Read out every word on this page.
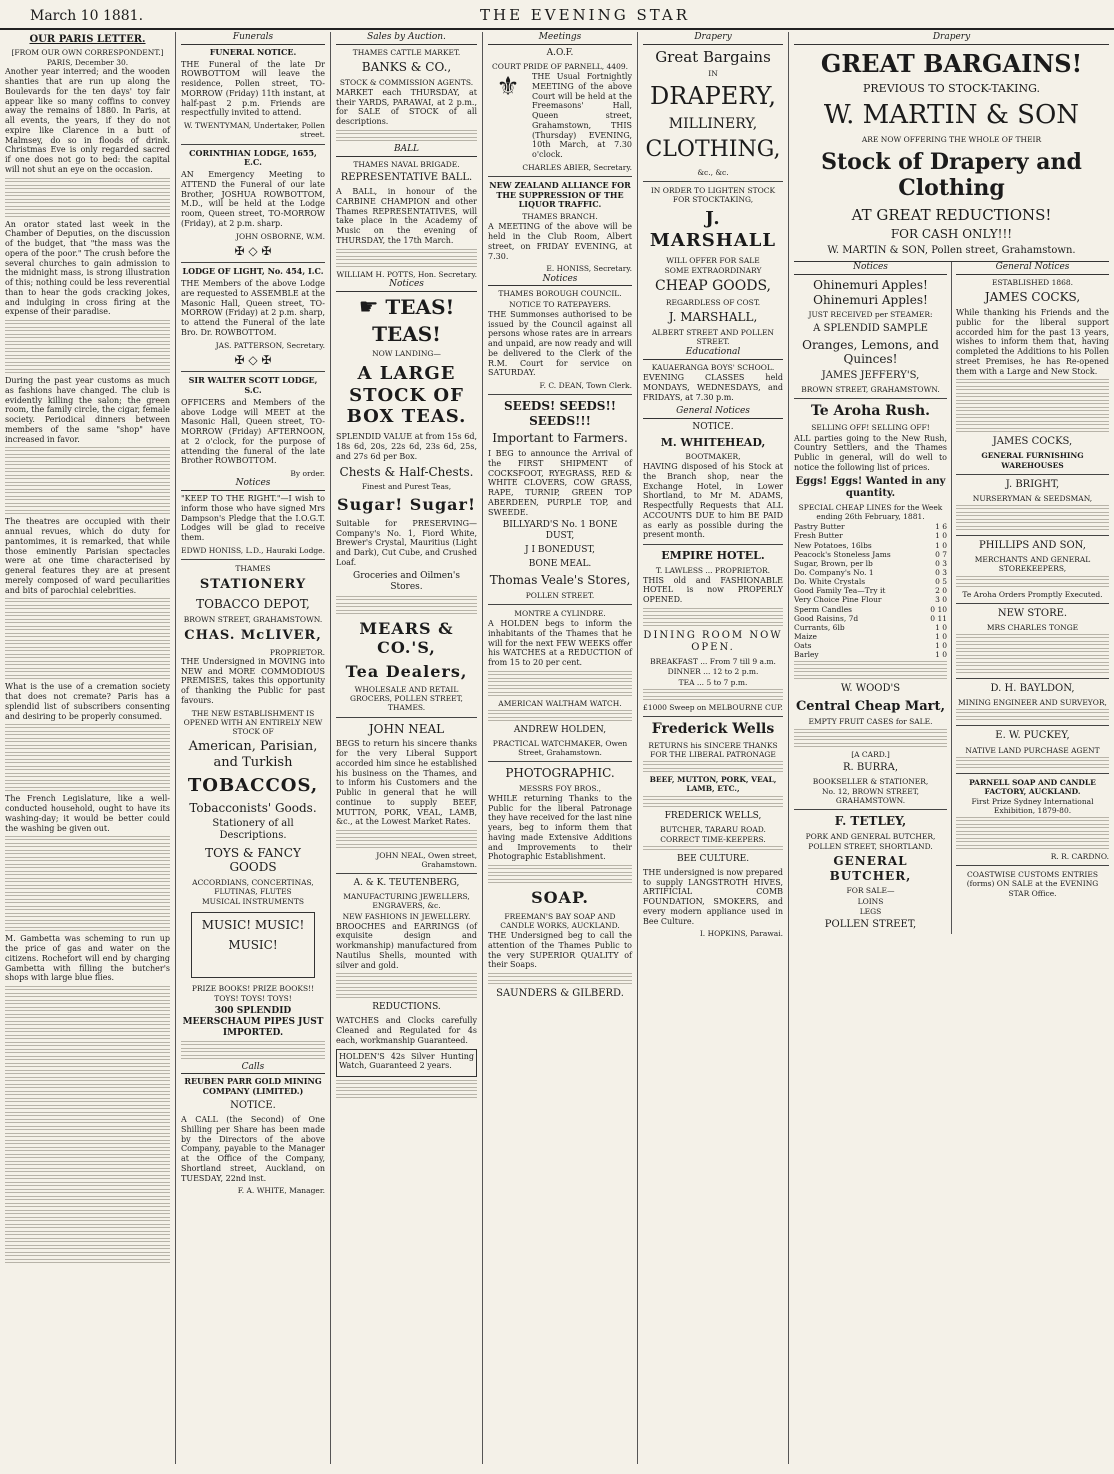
March 10 1881.	THE EVENING STAR
OUR PARIS LETTER.
[FROM OUR OWN CORRESPONDENT.]
PARIS, December 30.

Another year interred; and the wooden shanties that are run up along the Boulevards for the ten days' toy fair appear like so many coffins to convey away the remains of 1880. In Paris, at all events, the years, if they do not expire like Clarence in a butt of Malmsey, do so in floods of drink. Christmas Eve is only regarded sacred if one does not go to bed: the capital will not shut an eye on the occasion.

An orator stated last week in the Chamber of Deputies, on the discussion of the budget, that "the mass was the opera of the poor." The crush before the several churches to gain admission to the midnight mass, is strong illustration of this; nothing could be less reverential than to hear the gods cracking jokes, and indulging in cross firing at the expense of their paradise.

During the past year customs as much as fashions have changed. The club is evidently killing the salon; the green room, the family circle, the cigar, female society. Periodical dinners between members of the same "shop" have increased in favor.

The theatres are occupied with their annual revues, which do duty for pantomimes, it is remarked, that while those eminently Parisian spectacles were at one time characterised by general features they are at present merely composed of ward peculiarities and bits of parochial celebrities.

What is the use of a cremation society that does not cremate? Paris has a splendid list of subscribers consenting and desiring to be properly consumed.

The French Legislature, like a well-conducted household, ought to have its washing-day; it would be better could the washing be given out.

M. Gambetta was scheming to run up the price of gas and water on the citizens. Rochefort will end by charging Gambetta with filling the butcher's shops with large blue flies.

Funerals
FUNERAL NOTICE.

THE Funeral of the late Dr ROWBOTTOM will leave the residence, Pollen street, TO-MORROW (Friday) 11th instant, at half-past 2 p.m. Friends are respectfully invited to attend.

W. TWENTYMAN, Undertaker, Pollen street.
CORINTHIAN LODGE, 1655, E.C.

AN Emergency Meeting to ATTEND the Funeral of our late Brother, JOSHUA ROWBOTTOM, M.D., will be held at the Lodge room, Queen street, TO-MORROW (Friday), at 2 p.m. sharp.

JOHN OSBORNE, W.M.
✠ ◇ ✠
LODGE OF LIGHT, No. 454, I.C.

THE Members of the above Lodge are requested to ASSEMBLE at the Masonic Hall, Queen street, TO-MORROW (Friday) at 2 p.m. sharp, to attend the Funeral of the late Bro. Dr. ROWBOTTOM.

JAS. PATTERSON, Secretary.
✠ ◇ ✠
SIR WALTER SCOTT LODGE, S.C.

OFFICERS and Members of the above Lodge will MEET at the Masonic Hall, Queen street, TO-MORROW (Friday) AFTERNOON, at 2 o'clock, for the purpose of attending the funeral of the late Brother ROWBOTTOM.

By order.
Notices

"KEEP TO THE RIGHT."—I wish to inform those who have signed Mrs Dampson's Pledge that the I.O.G.T. Lodges will be glad to receive them.

EDWD HONISS, L.D., Hauraki Lodge.
THAMES
STATIONERY
TOBACCO DEPOT,
BROWN STREET, GRAHAMSTOWN.
CHAS. McLIVER,
PROPRIETOR.

THE Undersigned in MOVING into NEW and MORE COMMODIOUS PREMISES, takes this opportunity of thanking the Public for past favours.

THE NEW ESTABLISHMENT IS OPENED WITH AN ENTIRELY NEW STOCK OF
American, Parisian, and Turkish
TOBACCOS,
Tobacconists' Goods.
Stationery of all Descriptions.
TOYS & FANCY GOODS
ACCORDIANS, CONCERTINAS, FLUTINAS, FLUTES
MUSICAL INSTRUMENTS
MUSIC! MUSIC! MUSIC!
PRIZE BOOKS! PRIZE BOOKS!!
TOYS! TOYS! TOYS!
300 SPLENDID MEERSCHAUM PIPES JUST IMPORTED.
Calls
REUBEN PARR GOLD MINING COMPANY (LIMITED.)
NOTICE.

A CALL (the Second) of One Shilling per Share has been made by the Directors of the above Company, payable to the Manager at the Office of the Company, Shortland street, Auckland, on TUESDAY, 22nd inst.

F. A. WHITE, Manager.
Sales by Auction.
THAMES CATTLE MARKET.
BANKS & CO.,
STOCK & COMMISSION AGENTS.

MARKET each THURSDAY, at their YARDS, PARAWAI, at 2 p.m., for SALE of STOCK of all descriptions.

BALL
THAMES NAVAL BRIGADE.
REPRESENTATIVE BALL.

A BALL, in honour of the CARBINE CHAMPION and other Thames REPRESENTATIVES, will take place in the Academy of Music on the evening of THURSDAY, the 17th March.

WILLIAM H. POTTS, Hon. Secretary.
Notices
☛ TEAS! TEAS!
NOW LANDING—
A LARGE STOCK OF BOX TEAS.

SPLENDID VALUE at from 15s 6d, 18s 6d, 20s, 22s 6d, 23s 6d, 25s, and 27s 6d per Box.

Chests & Half-Chests.
Finest and Purest Teas,
Sugar! Sugar!

Suitable for PRESERVING—Company's No. 1, Fiord White, Brewer's Crystal, Mauritius (Light and Dark), Cut Cube, and Crushed Loaf.

Groceries and Oilmen's Stores.
MEARS & CO.'S,
Tea Dealers,
WHOLESALE AND RETAIL GROCERS, POLLEN STREET, THAMES.
JOHN NEAL

BEGS to return his sincere thanks for the very Liberal Support accorded him since he established his business on the Thames, and to inform his Customers and the Public in general that he will continue to supply BEEF, MUTTON, PORK, VEAL, LAMB, &c., at the Lowest Market Rates.

JOHN NEAL, Owen street, Grahamstown.
A. & K. TEUTENBERG,
MANUFACTURING JEWELLERS, ENGRAVERS, &c.
NEW FASHIONS IN JEWELLERY.

BROOCHES and EARRINGS (of exquisite design and workmanship) manufactured from Nautilus Shells, mounted with silver and gold.

REDUCTIONS.

WATCHES and Clocks carefully Cleaned and Regulated for 4s each, workmanship Guaranteed.

HOLDEN'S 42s Silver Hunting Watch, Guaranteed 2 years.

Meetings
A.O.F.
COURT PRIDE OF PARNELL, 4409.
⚜	THE Usual Fortnightly MEETING of the above Court will be held at the Freemasons' Hall, Queen street, Grahamstown, THIS (Thursday) EVENING, 10th March, at 7.30 o'clock.

CHARLES ABIER, Secretary.
NEW ZEALAND ALLIANCE FOR THE SUPPRESSION OF THE LIQUOR TRAFFIC.
THAMES BRANCH.

A MEETING of the above will be held in the Club Room, Albert street, on FRIDAY EVENING, at 7.30.

E. HONISS, Secretary.
Notices
THAMES BOROUGH COUNCIL.
NOTICE TO RATEPAYERS.

THE Summonses authorised to be issued by the Council against all persons whose rates are in arrears and unpaid, are now ready and will be delivered to the Clerk of the R.M. Court for service on SATURDAY.

F. C. DEAN, Town Clerk.
SEEDS! SEEDS!! SEEDS!!!
Important to Farmers.

I BEG to announce the Arrival of the FIRST SHIPMENT of COCKSFOOT, RYEGRASS, RED & WHITE CLOVERS, COW GRASS, RAPE, TURNIP, GREEN TOP ABERDEEN, PURPLE TOP, and SWEEDE.

BILLYARD'S No. 1 BONE DUST,
J I BONEDUST,
BONE MEAL.
Thomas Veale's Stores,
POLLEN STREET.
MONTRE A CYLINDRE.

A HOLDEN begs to inform the inhabitants of the Thames that he will for the next FEW WEEKS offer his WATCHES at a REDUCTION of from 15 to 20 per cent.

AMERICAN WALTHAM WATCH.
ANDREW HOLDEN,
PRACTICAL WATCHMAKER, Owen Street, Grahamstown.
PHOTOGRAPHIC.
MESSRS FOY BROS.,

WHILE returning Thanks to the Public for the liberal Patronage they have received for the last nine years, beg to inform them that having made Extensive Additions and Improvements to their Photographic Establishment.

SOAP.
FREEMAN'S BAY SOAP AND CANDLE WORKS, AUCKLAND.

THE Undersigned beg to call the attention of the Thames Public to the very SUPERIOR QUALITY of their Soaps.

SAUNDERS & GILBERD.
Drapery
Great Bargains
IN
DRAPERY,
MILLINERY,
CLOTHING,
&c., &c.
IN ORDER TO LIGHTEN STOCK FOR STOCKTAKING,
J. MARSHALL
WILL OFFER FOR SALE
SOME EXTRAORDINARY
CHEAP GOODS,
REGARDLESS OF COST.
J. MARSHALL,
ALBERT STREET AND POLLEN STREET.
Educational
KAUAERANGA BOYS' SCHOOL.

EVENING CLASSES held MONDAYS, WEDNESDAYS, and FRIDAYS, at 7.30 p.m.

General Notices
NOTICE.
M. WHITEHEAD,
BOOTMAKER,

HAVING disposed of his Stock at the Branch shop, near the Exchange Hotel, in Lower Shortland, to Mr M. ADAMS, Respectfully Requests that ALL ACCOUNTS DUE to him BE PAID as early as possible during the present month.

EMPIRE HOTEL.
T. LAWLESS ... PROPRIETOR.

THIS old and FASHIONABLE HOTEL is now PROPERLY OPENED.

DINING ROOM NOW OPEN.
BREAKFAST ... From 7 till 9 a.m.
DINNER ... 12 to 2 p.m.
TEA ... 5 to 7 p.m.
£1000 Sweep on MELBOURNE CUP.
Frederick Wells
RETURNS his SINCERE THANKS FOR THE LIBERAL PATRONAGE
BEEF, MUTTON, PORK, VEAL, LAMB, ETC.,
FREDERICK WELLS,
BUTCHER, TARARU ROAD.
CORRECT TIME-KEEPERS.
BEE CULTURE.

THE undersigned is now prepared to supply LANGSTROTH HIVES, ARTIFICIAL COMB FOUNDATION, SMOKERS, and every modern appliance used in Bee Culture.

I. HOPKINS, Parawai.
Drapery
GREAT BARGAINS!
PREVIOUS TO STOCK-TAKING.
W. MARTIN & SON
ARE NOW OFFERING THE WHOLE OF THEIR
Stock of Drapery and Clothing
AT GREAT REDUCTIONS!
FOR CASH ONLY!!!
W. MARTIN & SON, Pollen street, Grahamstown.
Notices
Ohinemuri Apples! Ohinemuri Apples!
JUST RECEIVED per STEAMER:
A SPLENDID SAMPLE
Oranges, Lemons, and Quinces!
JAMES JEFFERY'S,
BROWN STREET, GRAHAMSTOWN.
Te Aroha Rush.
SELLING OFF! SELLING OFF!

ALL parties going to the New Rush, Country Settlers, and the Thames Public in general, will do well to notice the following list of prices.

Eggs! Eggs! Wanted in any quantity.
SPECIAL CHEAP LINES for the Week ending 26th February, 1881.
Pastry Butter	1 6
Fresh Butter	1 0
New Potatoes, 16lbs	1 0
Peacock's Stoneless Jams	0 7
Sugar, Brown, per lb	0 3
Do. Company's No. 1	0 3
Do. White Crystals	0 5
Good Family Tea—Try it	2 0
Very Choice Pine Flour	3 0
Sperm Candles	0 10
Good Raisins, 7d	0 11
Currants, 6lb	1 0
Maize	1 0
Oats	1 0
Barley	1 0
W. WOOD'S
Central Cheap Mart,
EMPTY FRUIT CASES for SALE.
[A CARD.]
R. BURRA,
BOOKSELLER & STATIONER,
No. 12, BROWN STREET, GRAHAMSTOWN.
F. TETLEY,
PORK AND GENERAL BUTCHER,
POLLEN STREET, SHORTLAND.
GENERAL BUTCHER,
FOR SALE—
LOINS
LEGS
POLLEN STREET,
General Notices
ESTABLISHED 1868.
JAMES COCKS,

While thanking his Friends and the public for the liberal support accorded him for the past 13 years, wishes to inform them that, having completed the Additions to his Pollen street Premises, he has Re-opened them with a Large and New Stock.

JAMES COCKS,
GENERAL FURNISHING WAREHOUSES
J. BRIGHT,
NURSERYMAN & SEEDSMAN,
PHILLIPS AND SON,
MERCHANTS AND GENERAL STOREKEEPERS,
Te Aroha Orders Promptly Executed.
NEW STORE.
MRS CHARLES TONGE
D. H. BAYLDON,
MINING ENGINEER AND SURVEYOR,
E. W. PUCKEY,
NATIVE LAND PURCHASE AGENT
PARNELL SOAP AND CANDLE FACTORY, AUCKLAND.
First Prize Sydney International Exhibition, 1879-80.
R. R. CARDNO.
COASTWISE CUSTOMS ENTRIES (forms) ON SALE at the EVENING STAR Office.
